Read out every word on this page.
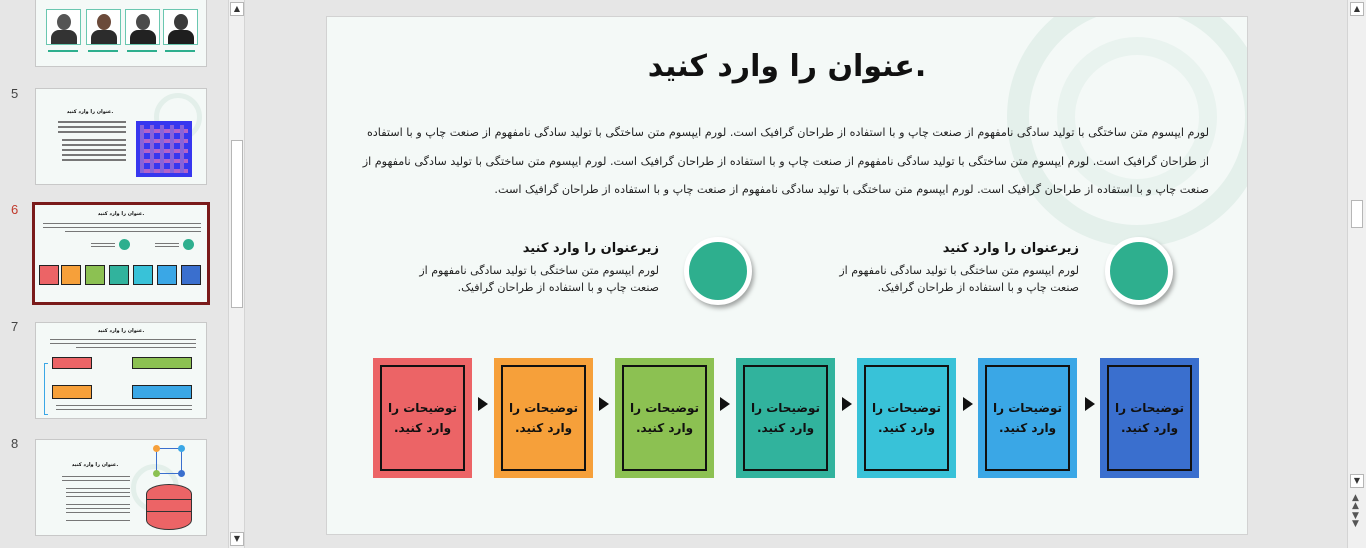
5
عنوان را وارد کنید.
6	عنوان را وارد کنید.
7	عنوان را وارد کنید.
8
عنوان را وارد کنید.
▲
▼
عنوان را وارد کنید.
لورم ایپسوم متن ساختگی با تولید سادگی نامفهوم از صنعت چاپ و با استفاده از طراحان گرافیک است. لورم ایپسوم متن ساختگی با تولید سادگی نامفهوم از صنعت چاپ و با استفاده از طراحان گرافیک است. لورم ایپسوم متن ساختگی با تولید سادگی نامفهوم از صنعت چاپ و با استفاده از طراحان گرافیک است. لورم ایپسوم متن ساختگی با تولید سادگی نامفهوم از صنعت چاپ و با استفاده از طراحان گرافیک است. لورم ایپسوم متن ساختگی با تولید سادگی نامفهوم از صنعت چاپ و با استفاده از طراحان گرافیک است.
زیرعنوان را وارد کنید
لورم ایپسوم متن ساختگی با تولید سادگی نامفهوم از صنعت چاپ و با استفاده از طراحان گرافیک.
زیرعنوان را وارد کنید
لورم ایپسوم متن ساختگی با تولید سادگی نامفهوم از صنعت چاپ و با استفاده از طراحان گرافیک.
توضیحات را وارد کنید.
توضیحات را وارد کنید.
توضیحات را وارد کنید.
توضیحات را وارد کنید.
توضیحات را وارد کنید.
توضیحات را وارد کنید.
توضیحات را وارد کنید.
▲
▼
▲
▲
▼
▼
